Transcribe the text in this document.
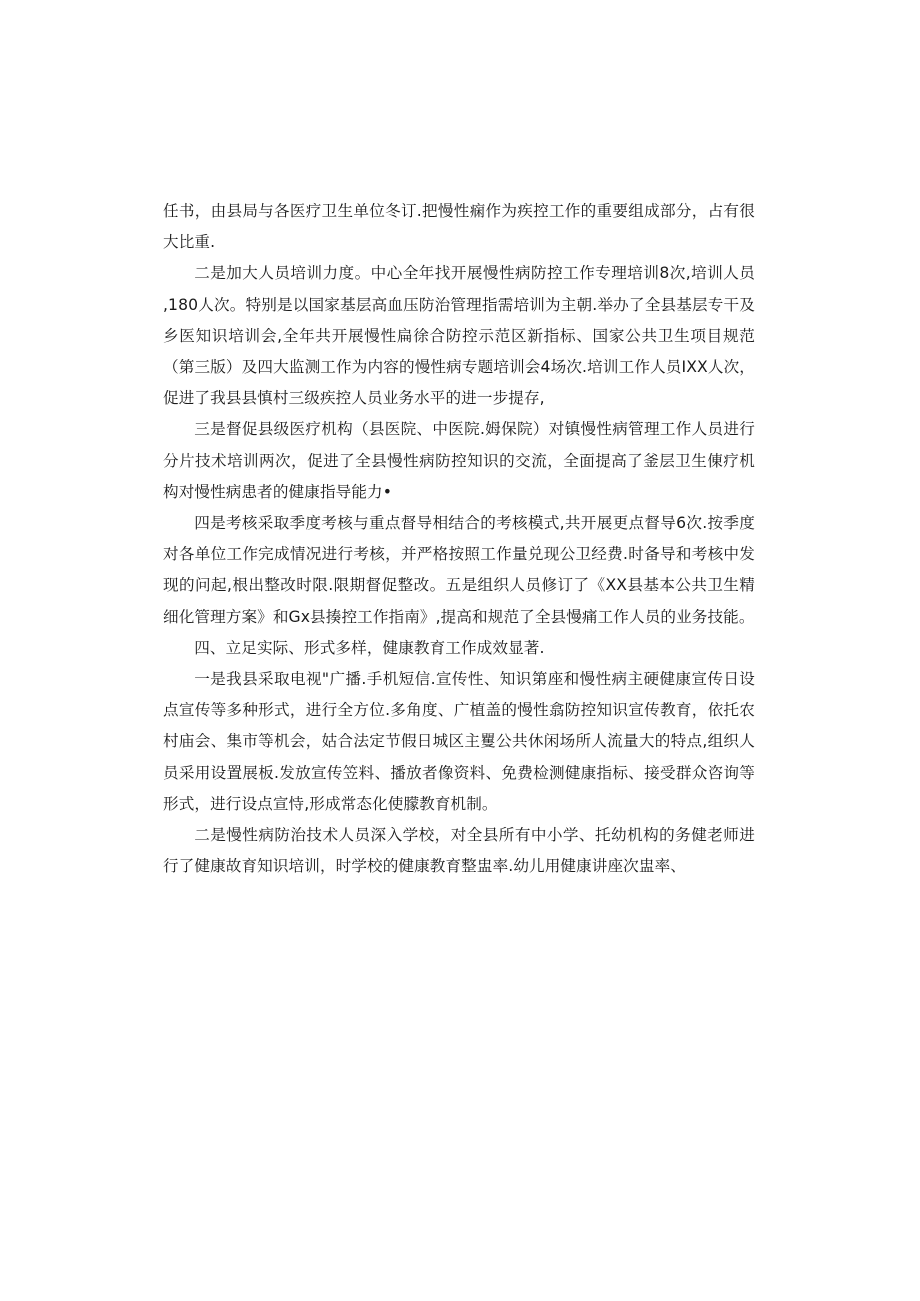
任书，由县局与各医疗卫生单位冬订.把慢性痫作为疾控工作的重要组成部分，占有很大比重.

二是加大人员培训力度。中心全年找开展慢性病防控工作专理培训8次,培训人员 ,180人次。特别是以国家基层高血压防治管理指需培训为主朝.举办了全县基层专干及乡医知识培训会,全年共开展慢性扁徐合防控示范区新指标、国家公共卫生项目规范（第三版）及四大监测工作为内容的慢性病专题培训会4场次.培训工作人员IXX人次，促进了我县县慎村三级疾控人员业务水平的进一步提存,

三是督促县级医疗机构（县医院、中医院.姆保院）对镇慢性病管理工作人员进行分片技术培训两次，促进了全县慢性病防控知识的交流，全面提高了釜层卫生倲疗机构对慢性病患者的健康指导能力•

四是考核采取季度考核与重点督导相结合的考核模式,共开展更点督导6次.按季度对各单位工作完成情况进行考核，并严格按照工作量兑现公卫经费.时备导和考核中发现的问起,根出整改时限.限期督促整改。五是组织人员修订了《XX县基本公共卫生精细化管理方案》和Gx县揍控工作指南》,提高和规范了全县慢痛工作人员的业务技能。

四、立足实际、形式多样，健康教育工作成效显著.

一是我县采取电视"广播.手机短信.宣传性、知识第座和慢性病主硬健康宣传日设点宣传等多种形式，进行全方位.多角度、广植盖的慢性翕防控知识宣传教育，依托农村庙会、集市等机会，姑合法定节假日城区主矍公共休闲场所人流量大的特点,组织人员采用设置展板.发放宣传笠料、播放者像资料、免费检测健康指标、接受群众咨询等形式，进行设点宣恃,形成常态化使朦教育机制。

二是慢性病防治技术人员深入学校，对全县所有中小学、托幼机构的务健老师进行了健康故育知识培训，时学校的健康教育整盅率.幼儿用健康讲座次盅率、
